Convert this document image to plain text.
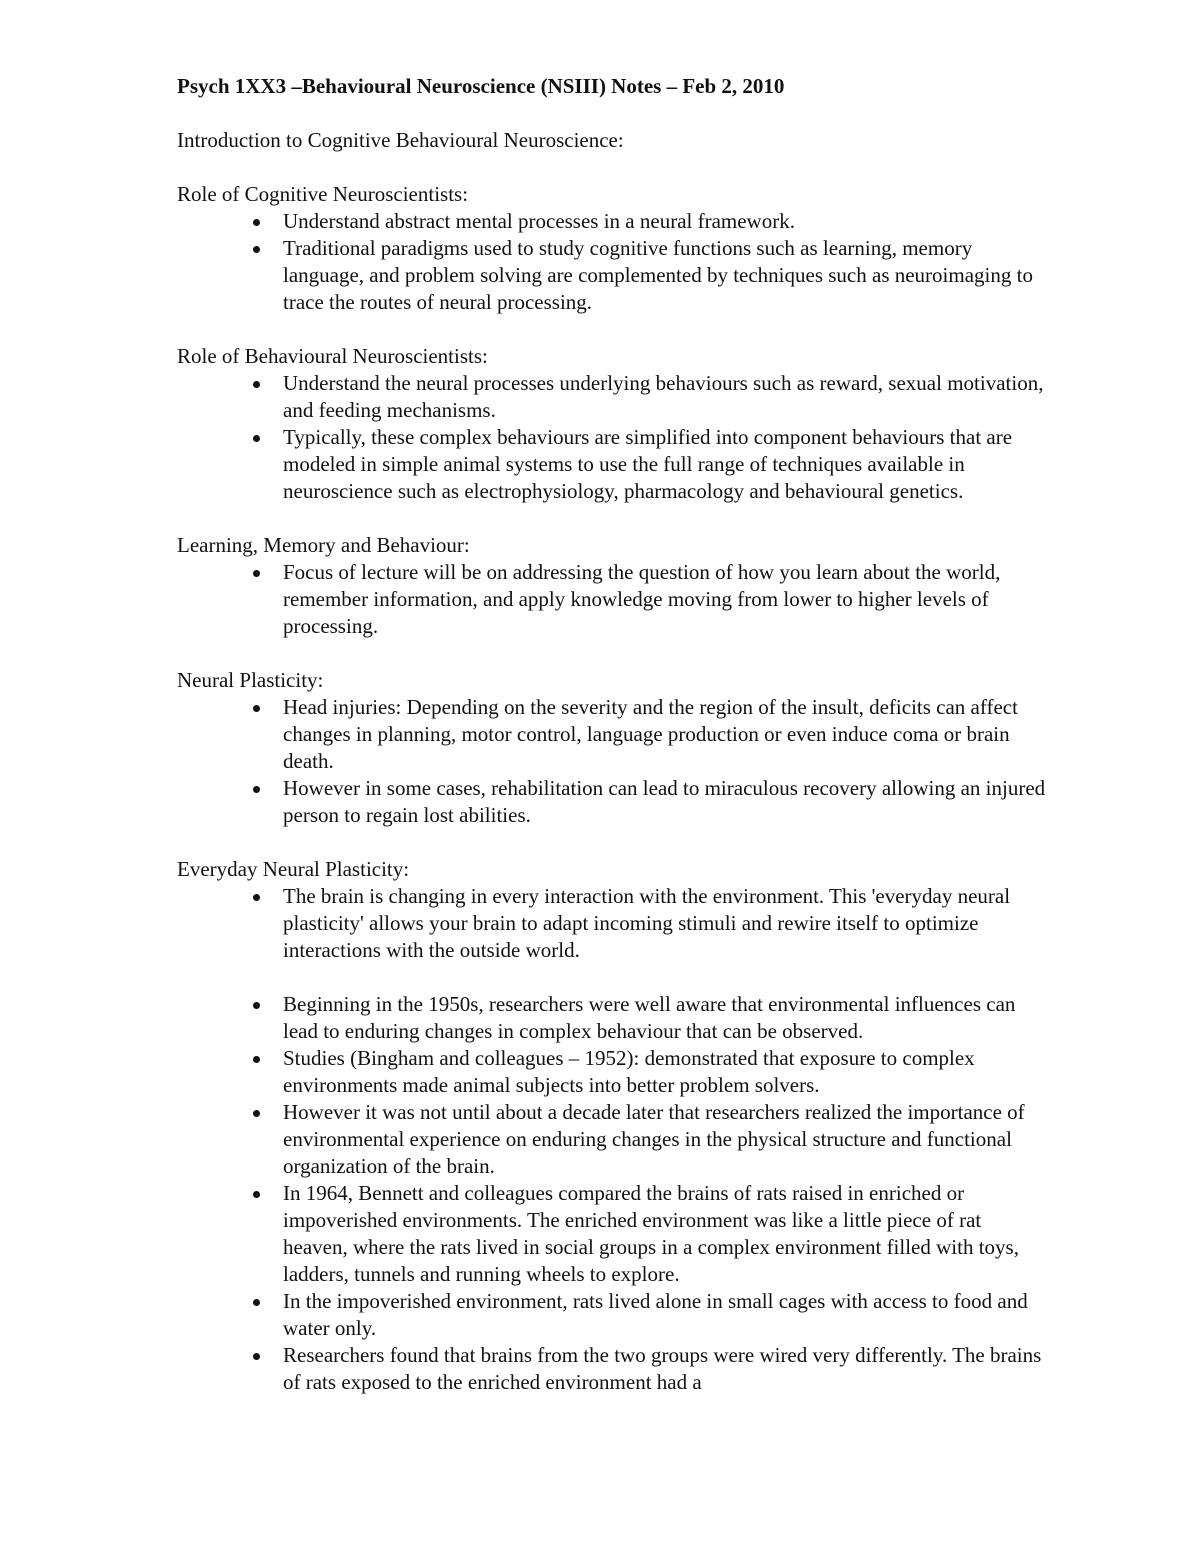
Psych 1XX3 –Behavioural Neuroscience (NSIII) Notes – Feb 2, 2010
Introduction to Cognitive Behavioural Neuroscience:
Role of Cognitive Neuroscientists:
Understand abstract mental processes in a neural framework.
Traditional paradigms used to study cognitive functions such as learning, memory language, and problem solving are complemented by techniques such as neuroimaging to trace the routes of neural processing.
Role of Behavioural Neuroscientists:
Understand the neural processes underlying behaviours such as reward, sexual motivation, and feeding mechanisms.
Typically, these complex behaviours are simplified into component behaviours that are modeled in simple animal systems to use the full range of techniques available in neuroscience such as electrophysiology, pharmacology and behavioural genetics.
Learning, Memory and Behaviour:
Focus of lecture will be on addressing the question of how you learn about the world, remember information, and apply knowledge moving from lower to higher levels of processing.
Neural Plasticity:
Head injuries: Depending on the severity and the region of the insult, deficits can affect changes in planning, motor control, language production or even induce coma or brain death.
However in some cases, rehabilitation can lead to miraculous recovery allowing an injured person to regain lost abilities.
Everyday Neural Plasticity:
The brain is changing in every interaction with the environment. This 'everyday neural plasticity' allows your brain to adapt incoming stimuli and rewire itself to optimize interactions with the outside world.
Beginning in the 1950s, researchers were well aware that environmental influences can lead to enduring changes in complex behaviour that can be observed.
Studies (Bingham and colleagues – 1952): demonstrated that exposure to complex environments made animal subjects into better problem solvers.
However it was not until about a decade later that researchers realized the importance of environmental experience on enduring changes in the physical structure and functional organization of the brain.
In 1964, Bennett and colleagues compared the brains of rats raised in enriched or impoverished environments. The enriched environment was like a little piece of rat heaven, where the rats lived in social groups in a complex environment filled with toys, ladders, tunnels and running wheels to explore.
In the impoverished environment, rats lived alone in small cages with access to food and water only.
Researchers found that brains from the two groups were wired very differently. The brains of rats exposed to the enriched environment had a
